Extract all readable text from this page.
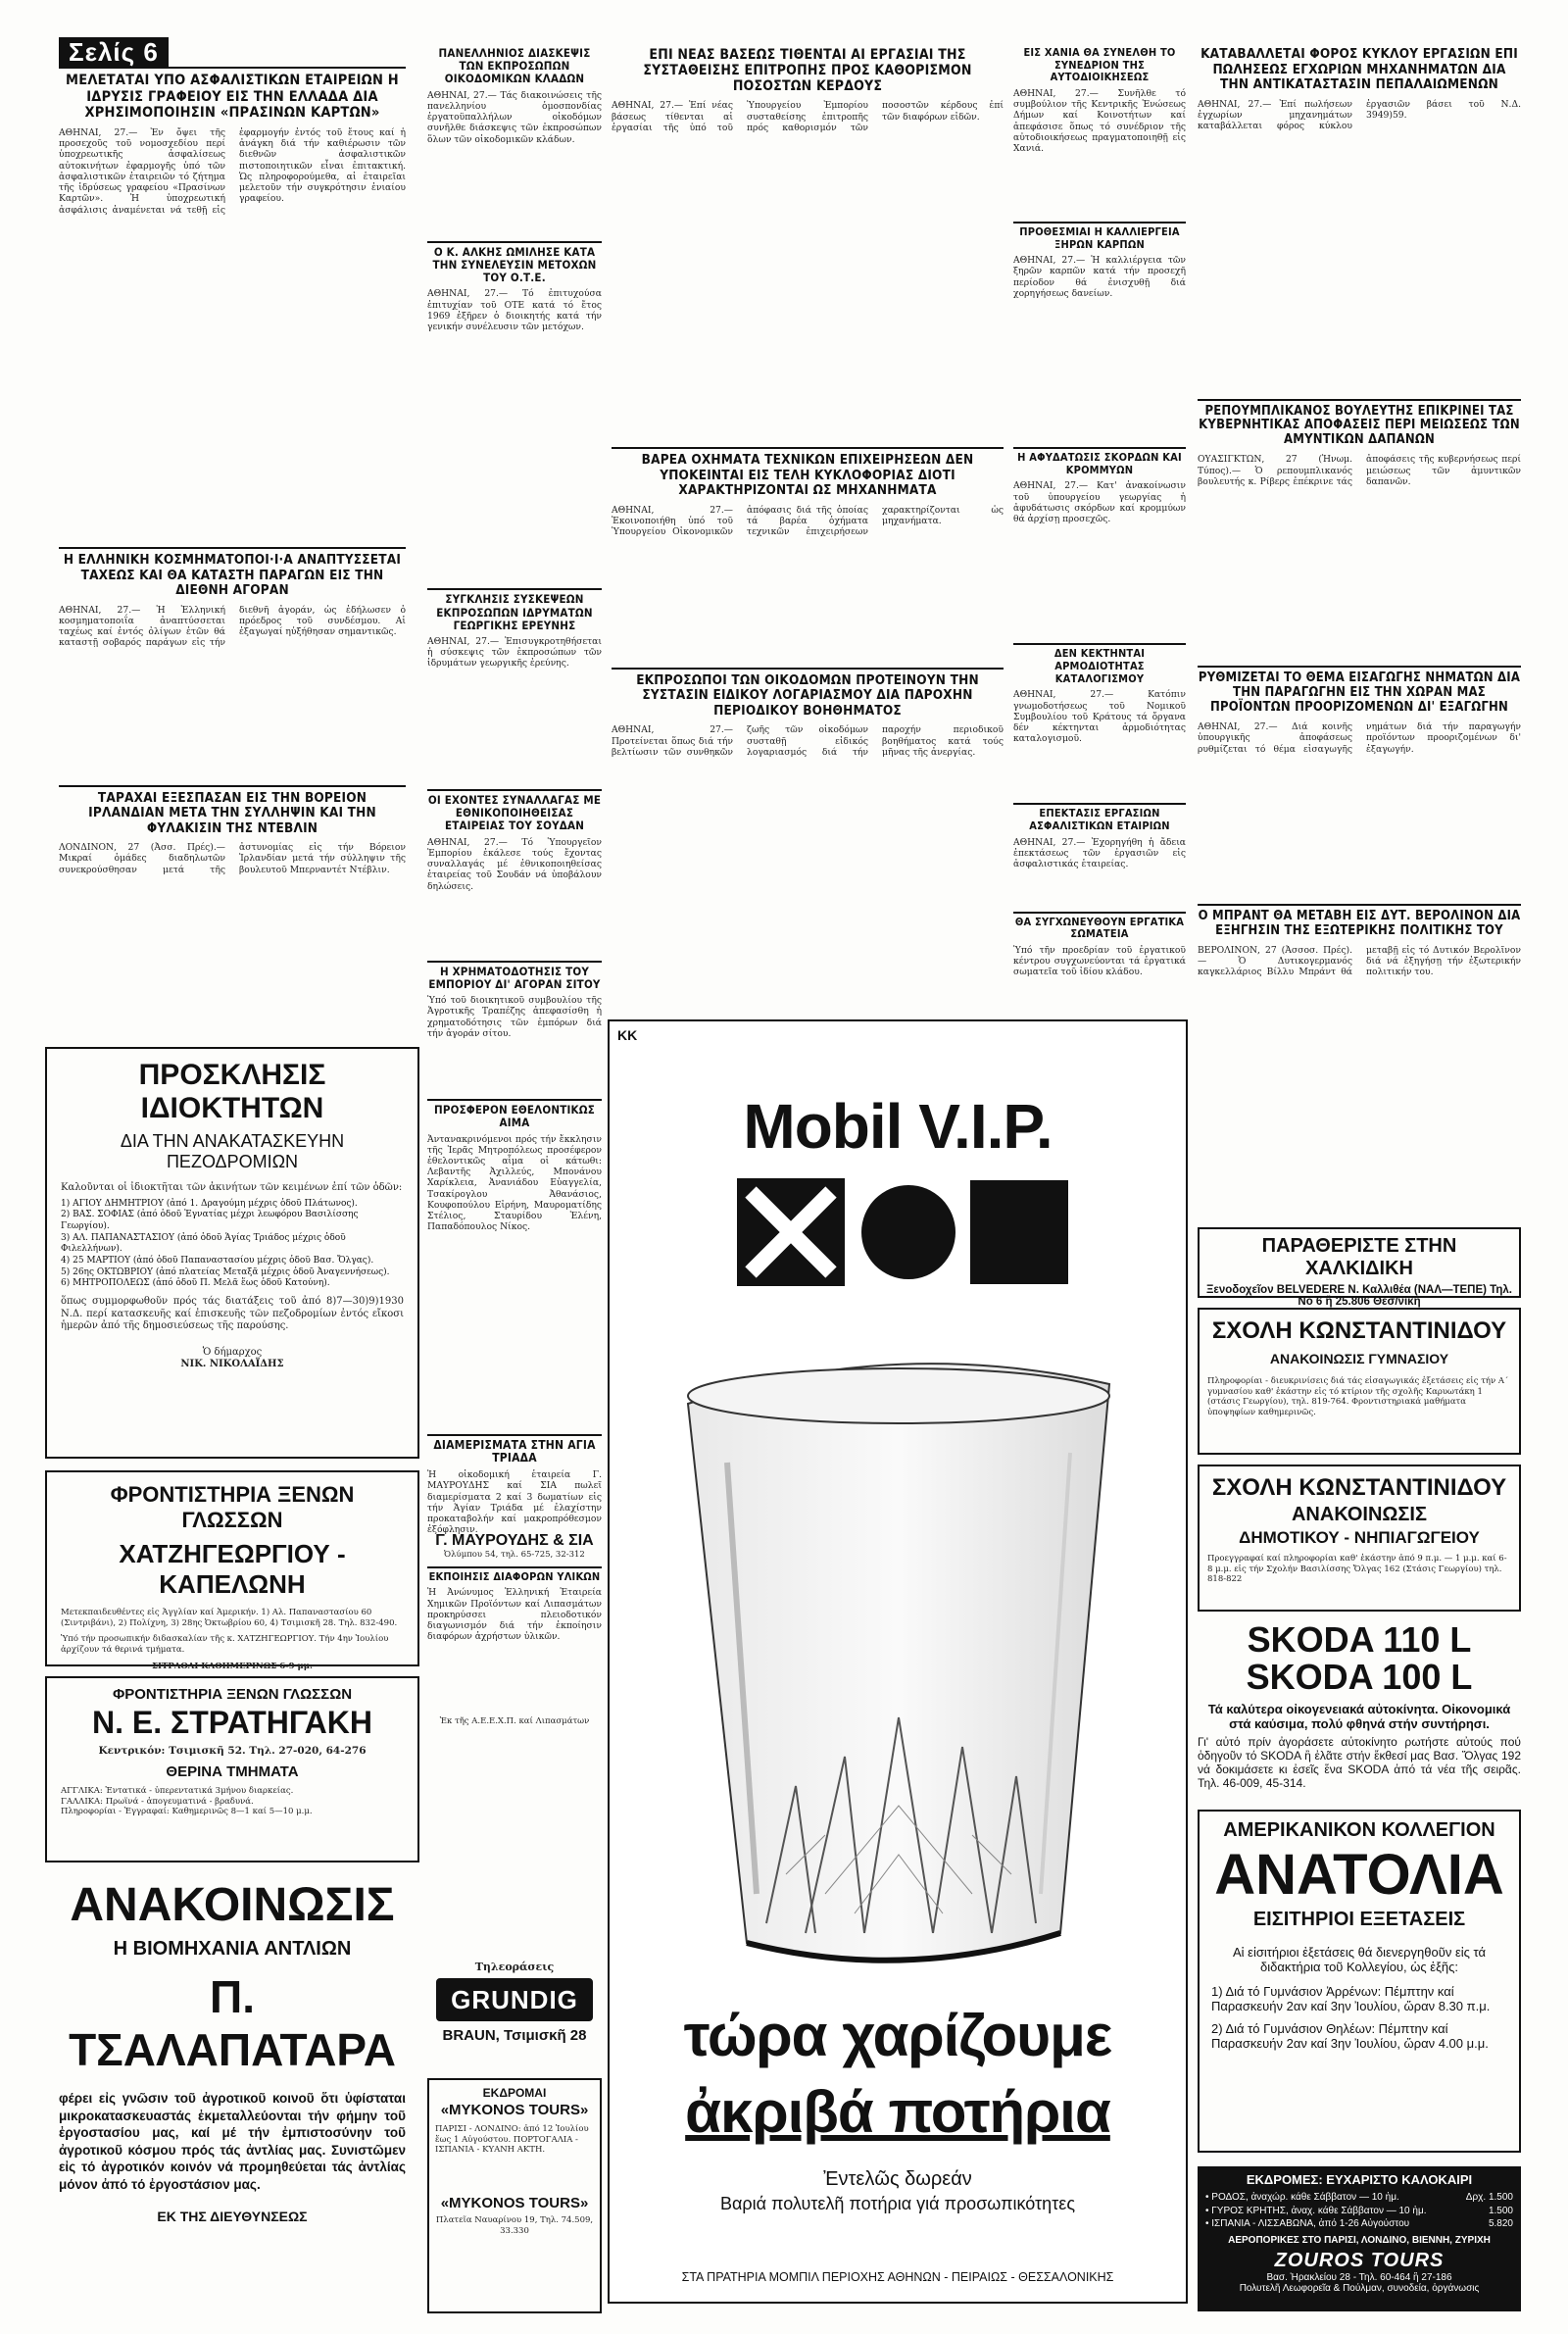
Σελίς 6
ΜΕΛΕΤΑΤΑΙ ΥΠΟ ΑΣΦΑΛΙΣΤΙΚΩΝ ΕΤΑΙΡΕΙΩΝ Η ΙΔΡΥΣΙΣ ΓΡΑΦΕΙΟΥ ΕΙΣ ΤΗΝ ΕΛΛΑΔΑ ΔΙΑ ΧΡΗΣΙΜΟΠΟΙΗΣΙΝ «ΠΡΑΣΙΝΩΝ ΚΑΡΤΩΝ»
ΑΘΗΝΑΙ, 27.— Ἐν ὄψει τῆς προσεχοῦς τοῦ νομοσχεδίου περί ὑποχρεωτικῆς ἀσφαλίσεως αὐτοκινήτων ἐφαρμογῆς ὑπό τῶν ἀσφαλιστικῶν ἑταιρειῶν τό ζήτημα τῆς ἱδρύσεως γραφείου «Πρασίνων Καρτῶν». Ἡ ὑποχρεωτική ἀσφάλισις ἀναμένεται νά τεθῇ εἰς ἐφαρμογήν ἐντός τοῦ ἔτους καί ἡ ἀνάγκη διά τήν καθιέρωσιν τῶν διεθνῶν ἀσφαλιστικῶν πιστοποιητικῶν εἶναι ἐπιτακτική. Ὡς πληροφορούμεθα, αἱ ἑταιρεῖαι μελετοῦν τήν συγκρότησιν ἑνιαίου γραφείου.
Η ΕΛΛΗΝΙΚΗ ΚΟΣΜΗΜΑΤΟΠΟΙ·Ι·Α ΑΝΑΠΤΥΣΣΕΤΑΙ ΤΑΧΕΩΣ ΚΑΙ ΘΑ ΚΑΤΑΣΤΗ ΠΑΡΑΓΩΝ ΕΙΣ ΤΗΝ ΔΙΕΘΝΗ ΑΓΟΡΑΝ
ΑΘΗΝΑΙ, 27.— Ἡ Ἑλληνική κοσμηματοποιΐα ἀναπτύσσεται ταχέως καί ἐντός ὀλίγων ἐτῶν θά καταστῇ σοβαρός παράγων εἰς τήν διεθνῆ ἀγοράν, ὡς ἐδήλωσεν ὁ πρόεδρος τοῦ συνδέσμου. Αἱ ἐξαγωγαί ηὐξήθησαν σημαντικῶς.
ΤΑΡΑΧΑΙ ΕΞΕΣΠΑΣΑΝ ΕΙΣ ΤΗΝ ΒΟΡΕΙΟΝ ΙΡΛΑΝΔΙΑΝ ΜΕΤΑ ΤΗΝ ΣΥΛΛΗΨΙΝ ΚΑΙ ΤΗΝ ΦΥΛΑΚΙΣΙΝ ΤΗΣ ΝΤΕΒΛΙΝ
ΛΟΝΔΙΝΟΝ, 27 (Ἀσσ. Πρές).— Μικραί ὁμάδες διαδηλωτῶν συνεκρούσθησαν μετά τῆς ἀστυνομίας εἰς τήν Βόρειον Ἰρλανδίαν μετά τήν σύλληψιν τῆς βουλευτοῦ Μπερναντέτ Ντέβλιν.
ΠΡΟΣΚΛΗΣΙΣ ΙΔΙΟΚΤΗΤΩΝ
ΔΙΑ ΤΗΝ ΑΝΑΚΑΤΑΣΚΕΥΗΝ ΠΕΖΟΔΡΟΜΙΩΝ
Καλοῦνται οἱ ἰδιοκτῆται τῶν ἀκινήτων τῶν κειμένων ἐπί τῶν ὁδῶν:
1) ΑΓΙΟΥ ΔΗΜΗΤΡΙΟΥ (ἀπό 1. Δραγούμη μέχρις ὁδοῦ Πλάτωνος).
2) ΒΑΣ. ΣΟΦΙΑΣ (ἀπό ὁδοῦ Ἐγνατίας μέχρι λεωφόρου Βασιλίσσης Γεωργίου).
3) ΑΛ. ΠΑΠΑΝΑΣΤΑΣΙΟΥ (ἀπό ὁδοῦ Ἁγίας Τριάδος μέχρις ὁδοῦ Φιλελλήνων).
4) 25 ΜΑΡΤΙΟΥ (ἀπό ὁδοῦ Παπαναστασίου μέχρις ὁδοῦ Βασ. Ὄλγας).
5) 26ης ΟΚΤΩΒΡΙΟΥ (ἀπό πλατείας Μεταξᾶ μέχρις ὁδοῦ Ἀναγεννήσεως).
6) ΜΗΤΡΟΠΟΛΕΩΣ (ἀπό ὁδοῦ Π. Μελᾶ ἕως ὁδοῦ Κατούνη).
ὅπως συμμορφωθοῦν πρός τάς διατάξεις τοῦ ἀπό 8)7—30)9)1930 Ν.Δ. περί κατασκευῆς καί ἐπισκευῆς τῶν πεζοδρομίων ἐντός εἴκοσι ἡμερῶν ἀπό τῆς δημοσιεύσεως τῆς παρούσης.
Ὁ δήμαρχος
ΝΙΚ. ΝΙΚΟΛΑΪΔΗΣ
ΦΡΟΝΤΙΣΤΗΡΙΑ ΞΕΝΩΝ ΓΛΩΣΣΩΝ
ΧΑΤΖΗΓΕΩΡΓΙΟΥ - ΚΑΠΕΛΩΝΗ
Μετεκπαιδευθέντες εἰς Ἀγγλίαν καί Ἀμερικήν. 1) Αλ. Παπαναστασίου 60 (Σιντριβάνι), 2) Πολίχνη, 3) 28ης Ὀκτωβρίου 60, 4) Τσιμισκῆ 28. Τηλ. 832-490.
Ὑπό τήν προσωπικήν διδασκαλίαν τῆς κ. ΧΑΤΖΗΓΕΩΡΓΙΟΥ. Τήν 4ην Ἰουλίου ἀρχίζουν τά θερινά τμήματα.
ΣΙΤΡΑΟΛΙ ΚΑΘΗΜΕΡΙΝΩΣ 6-9 μμ.
ΦΡΟΝΤΙΣΤΗΡΙΑ ΞΕΝΩΝ ΓΛΩΣΣΩΝ
Ν. Ε. ΣΤΡΑΤΗΓΑΚΗ
Κεντρικόν: Τσιμισκῆ 52. Τηλ. 27-020, 64-276
ΘΕΡΙΝΑ ΤΜΗΜΑΤΑ
ΑΓΓΛΙΚΑ: Ἐντατικά - ὑπερεντατικά 3μήνου διαρκείας.
ΓΑΛΛΙΚΑ: Πρωϊνά - ἀπογευματινά - βραδυνά.
Πληροφορίαι - Ἐγγραφαί: Καθημερινῶς 8—1 καί 5—10 μ.μ.
ΑΝΑΚΟΙΝΩΣΙΣ
Η ΒΙΟΜΗΧΑΝΙΑ ΑΝΤΛΙΩΝ
Π. ΤΣΑΛΑΠΑΤΑΡΑ
φέρει εἰς γνῶσιν τοῦ ἀγροτικοῦ κοινοῦ ὅτι ὑφίσταται μικροκατασκευαστάς ἐκμεταλλεύονται τήν φήμην τοῦ ἐργοστασίου μας, καί μέ τήν ἐμπιστοσύνην τοῦ ἀγροτικοῦ κόσμου πρός τάς ἀντλίας μας. Συνιστῶμεν εἰς τό ἀγροτικόν κοινόν νά προμηθεύεται τάς ἀντλίας μόνον ἀπό τό ἐργοστάσιον μας.
ΕΚ ΤΗΣ ΔΙΕΥΘΥΝΣΕΩΣ
ΠΑΝΕΛΛΗΝΙΟΣ ΔΙΑΣΚΕΨΙΣ ΤΩΝ ΕΚΠΡΟΣΩΠΩΝ ΟΙΚΟΔΟΜΙΚΩΝ ΚΛΑΔΩΝ
ΑΘΗΝΑΙ, 27.— Τάς διακοινώσεις τῆς πανελληνίου ὁμοσπονδίας ἐργατοϋπαλλήλων οἰκοδόμων συνῆλθε διάσκεψις τῶν ἐκπροσώπων ὅλων τῶν οἰκοδομικῶν κλάδων.
Ο Κ. ΑΛΚΗΣ ΩΜΙΛΗΣΕ ΚΑΤΑ ΤΗΝ ΣΥΝΕΛΕΥΣΙΝ ΜΕΤΟΧΩΝ ΤΟΥ Ο.Τ.Ε.
ΑΘΗΝΑΙ, 27.— Τό ἐπιτυχούσα ἐπιτυχίαν τοῦ ΟΤΕ κατά τό ἔτος 1969 ἐξῆρεν ὁ διοικητής κατά τήν γενικήν συνέλευσιν τῶν μετόχων.
ΣΥΓΚΛΗΣΙΣ ΣΥΣΚΕΨΕΩΝ ΕΚΠΡΟΣΩΠΩΝ ΙΔΡΥΜΑΤΩΝ ΓΕΩΡΓΙΚΗΣ ΕΡΕΥΝΗΣ
ΑΘΗΝΑΙ, 27.— Ἐπισυγκροτηθήσεται ἡ σύσκεψις τῶν ἐκπροσώπων τῶν ἱδρυμάτων γεωργικῆς ἐρεύνης.
ΟΙ ΕΧΟΝΤΕΣ ΣΥΝΑΛΛΑΓΑΣ ΜΕ ΕΘΝΙΚΟΠΟΙΗΘΕΙΣΑΣ ΕΤΑΙΡΕΙΑΣ ΤΟΥ ΣΟΥΔΑΝ
ΑΘΗΝΑΙ, 27.— Τό Ὑπουργεῖον Ἐμπορίου ἐκάλεσε τούς ἔχοντας συναλλαγάς μέ ἐθνικοποιηθείσας ἑταιρείας τοῦ Σουδάν νά ὑποβάλουν δηλώσεις.
Η ΧΡΗΜΑΤΟΔΟΤΗΣΙΣ ΤΟΥ ΕΜΠΟΡΙΟΥ ΔΙ' ΑΓΟΡΑΝ ΣΙΤΟΥ
Ὑπό τοῦ διοικητικοῦ συμβουλίου τῆς Ἀγροτικῆς Τραπέζης ἀπεφασίσθη ἡ χρηματοδότησις τῶν ἐμπόρων διά τήν ἀγοράν σίτου.
ΠΡΟΣΦΕΡΟΝ ΕΘΕΛΟΝΤΙΚΩΣ ΑΙΜΑ
Ἀντανακρινόμενοι πρός τήν ἔκκλησιν τῆς Ἱερᾶς Μητροπόλεως προσέφερον ἐθελοντικῶς αἷμα οἱ κάτωθι: Λεβαντῆς Ἀχιλλεύς, Μπονάνου Χαρίκλεια, Ἀνανιάδου Εὐαγγελία, Τσακίρογλου Ἀθανάσιος, Κουφοπούλου Εἰρήνη, Μαυροματίδης Στέλιος, Σταυρίδου Ἑλένη, Παπαδόπουλος Νίκος.
ΔΙΑΜΕΡΙΣΜΑΤΑ ΣΤΗΝ ΑΓΙΑ ΤΡΙΑΔΑ
Ἡ οἰκοδομική ἑταιρεία Γ. ΜΑΥΡΟΥΔΗΣ καί ΣΙΑ πωλεῖ διαμερίσματα 2 καί 3 δωματίων εἰς τήν Ἁγίαν Τριάδα μέ ἐλαχίστην προκαταβολήν καί μακροπρόθεσμον ἐξόφλησιν.
Γ. ΜΑΥΡΟΥΔΗΣ & ΣΙΑ
Ὀλύμπου 54, τηλ. 65-725, 32-312
ΕΚΠΟΙΗΣΙΣ ΔΙΑΦΟΡΩΝ ΥΛΙΚΩΝ
Ἡ Ἀνώνυμος Ἑλληνική Ἑταιρεία Χημικῶν Προϊόντων καί Λιπασμάτων προκηρύσσει πλειοδοτικόν διαγωνισμόν διά τήν ἐκποίησιν διαφόρων ἀχρήστων ὑλικῶν.
Ἐκ τῆς Α.Ε.Ε.Χ.Π. καί Λιπασμάτων
Τηλεοράσεις
GRUNDIG
BRAUN, Τσιμισκῆ 28
ΕΚΔΡΟΜΑΙ
«MYKONOS TOURS»
ΠΑΡΙΣΙ - ΛΟΝΔΙΝΟ: ἀπό 12 Ἰουλίου ἕως 1 Αὐγούστου. ΠΟΡΤΟΓΑΛΙΑ - ΙΣΠΑΝΙΑ - ΚΥΑΝΗ ΑΚΤΗ.
«MYKONOS TOURS»
Πλατεῖα Ναυαρίνου 19, Τηλ. 74.509, 33.330
ΕΠΙ ΝΕΑΣ ΒΑΣΕΩΣ ΤΙΘΕΝΤΑΙ ΑΙ ΕΡΓΑΣΙΑΙ ΤΗΣ ΣΥΣΤΑΘΕΙΣΗΣ ΕΠΙΤΡΟΠΗΣ ΠΡΟΣ ΚΑΘΟΡΙΣΜΟΝ ΠΟΣΟΣΤΩΝ ΚΕΡΔΟΥΣ
ΑΘΗΝΑΙ, 27.— Ἐπί νέας βάσεως τίθενται αἱ ἐργασίαι τῆς ὑπό τοῦ Ὑπουργείου Ἐμπορίου συσταθείσης ἐπιτροπῆς πρός καθορισμόν τῶν ποσοστῶν κέρδους ἐπί τῶν διαφόρων εἰδῶν.
ΒΑΡΕΑ ΟΧΗΜΑΤΑ ΤΕΧΝΙΚΩΝ ΕΠΙΧΕΙΡΗΣΕΩΝ ΔΕΝ ΥΠΟΚΕΙΝΤΑΙ ΕΙΣ ΤΕΛΗ ΚΥΚΛΟΦΟΡΙΑΣ ΔΙΟΤΙ ΧΑΡΑΚΤΗΡΙΖΟΝΤΑΙ ΩΣ ΜΗΧΑΝΗΜΑΤΑ
ΑΘΗΝΑΙ, 27.— Ἐκοινοποιήθη ὑπό τοῦ Ὑπουργείου Οἰκονομικῶν ἀπόφασις διά τῆς ὁποίας τά βαρέα ὀχήματα τεχνικῶν ἐπιχειρήσεων χαρακτηρίζονται ὡς μηχανήματα.
ΕΚΠΡΟΣΩΠΟΙ ΤΩΝ ΟΙΚΟΔΟΜΩΝ ΠΡΟΤΕΙΝΟΥΝ ΤΗΝ ΣΥΣΤΑΣΙΝ ΕΙΔΙΚΟΥ ΛΟΓΑΡΙΑΣΜΟΥ ΔΙΑ ΠΑΡΟΧΗΝ ΠΕΡΙΟΔΙΚΟΥ ΒΟΗΘΗΜΑΤΟΣ
ΑΘΗΝΑΙ, 27.— Προτείνεται ὅπως διά τήν βελτίωσιν τῶν συνθηκῶν ζωῆς τῶν οἰκοδόμων συσταθῇ εἰδικός λογαριασμός διά τήν παροχήν περιοδικοῦ βοηθήματος κατά τούς μῆνας τῆς ἀνεργίας.
ΕΙΣ ΧΑΝΙΑ ΘΑ ΣΥΝΕΛΘΗ ΤΟ ΣΥΝΕΔΡΙΟΝ ΤΗΣ ΑΥΤΟΔΙΟΙΚΗΣΕΩΣ
ΑΘΗΝΑΙ, 27.— Συνῆλθε τό συμβούλιον τῆς Κεντρικῆς Ἑνώσεως Δήμων καί Κοινοτήτων καί ἀπεφάσισε ὅπως τό συνέδριον τῆς αὐτοδιοικήσεως πραγματοποιηθῇ εἰς Χανιά.
ΠΡΟΘΕΣΜΙΑΙ Η ΚΑΛΛΙΕΡΓΕΙΑ ΞΗΡΩΝ ΚΑΡΠΩΝ
ΑΘΗΝΑΙ, 27.— Ἡ καλλιέργεια τῶν ξηρῶν καρπῶν κατά τήν προσεχῆ περίοδον θά ἐνισχυθῇ διά χορηγήσεως δανείων.
Η ΑΦΥΔΑΤΩΣΙΣ ΣΚΟΡΔΩΝ ΚΑΙ ΚΡΟΜΜΥΩΝ
ΑΘΗΝΑΙ, 27.— Κατ' ἀνακοίνωσιν τοῦ ὑπουργείου γεωργίας ἡ ἀφυδάτωσις σκόρδων καί κρομμύων θά ἀρχίσῃ προσεχῶς.
ΔΕΝ ΚΕΚΤΗΝΤΑΙ ΑΡΜΟΔΙΟΤΗΤΑΣ ΚΑΤΑΛΟΓΙΣΜΟΥ
ΑΘΗΝΑΙ, 27.— Κατόπιν γνωμοδοτήσεως τοῦ Νομικοῦ Συμβουλίου τοῦ Κράτους τά ὄργανα δέν κέκτηνται ἁρμοδιότητας καταλογισμοῦ.
ΕΠΕΚΤΑΣΙΣ ΕΡΓΑΣΙΩΝ ΑΣΦΑΛΙΣΤΙΚΩΝ ΕΤΑΙΡΙΩΝ
ΑΘΗΝΑΙ, 27.— Ἐχορηγήθη ἡ ἄδεια ἐπεκτάσεως τῶν ἐργασιῶν εἰς ἀσφαλιστικάς ἑταιρείας.
ΘΑ ΣΥΓΧΩΝΕΥΘΟΥΝ ΕΡΓΑΤΙΚΑ ΣΩΜΑΤΕΙΑ
Ὑπό τῆν προεδρίαν τοῦ ἐργατικοῦ κέντρου συγχωνεύονται τά ἐργατικά σωματεῖα τοῦ ἰδίου κλάδου.
ΚΑΤΑΒΑΛΛΕΤΑΙ ΦΟΡΟΣ ΚΥΚΛΟΥ ΕΡΓΑΣΙΩΝ ΕΠΙ ΠΩΛΗΣΕΩΣ ΕΓΧΩΡΙΩΝ ΜΗΧΑΝΗΜΑΤΩΝ ΔΙΑ ΤΗΝ ΑΝΤΙΚΑΤΑΣΤΑΣΙΝ ΠΕΠΑΛΑΙΩΜΕΝΩΝ
ΑΘΗΝΑΙ, 27.— Ἐπί πωλήσεων ἐγχωρίων μηχανημάτων καταβάλλεται φόρος κύκλου ἐργασιῶν βάσει τοῦ Ν.Δ. 3949)59.
ΡΕΠΟΥΜΠΛΙΚΑΝΟΣ ΒΟΥΛΕΥΤΗΣ ΕΠΙΚΡΙΝΕΙ ΤΑΣ ΚΥΒΕΡΝΗΤΙΚΑΣ ΑΠΟΦΑΣΕΙΣ ΠΕΡΙ ΜΕΙΩΣΕΩΣ ΤΩΝ ΑΜΥΝΤΙΚΩΝ ΔΑΠΑΝΩΝ
ΟΥΑΣΙΓΚΤΩΝ, 27 (Ἡνωμ. Τύπος).— Ὁ ρεπουμπλικανός βουλευτής κ. Ρίβερς ἐπέκρινε τάς ἀποφάσεις τῆς κυβερνήσεως περί μειώσεως τῶν ἀμυντικῶν δαπανῶν.
ΡΥΘΜΙΖΕΤΑΙ ΤΟ ΘΕΜΑ ΕΙΣΑΓΩΓΗΣ ΝΗΜΑΤΩΝ ΔΙΑ ΤΗΝ ΠΑΡΑΓΩΓΗΝ ΕΙΣ ΤΗΝ ΧΩΡΑΝ ΜΑΣ ΠΡΟΪΟΝΤΩΝ ΠΡΟΟΡΙΖΟΜΕΝΩΝ ΔΙ' ΕΞΑΓΩΓΗΝ
ΑΘΗΝΑΙ, 27.— Διά κοινῆς ὑπουργικῆς ἀποφάσεως ρυθμίζεται τό θέμα εἰσαγωγῆς νημάτων διά τήν παραγωγήν προϊόντων προοριζομένων δι' ἐξαγωγήν.
Ο ΜΠΡΑΝΤ ΘΑ ΜΕΤΑΒΗ ΕΙΣ ΔΥΤ. ΒΕΡΟΛΙΝΟΝ ΔΙΑ ΕΞΗΓΗΣΙΝ ΤΗΣ ΕΞΩΤΕΡΙΚΗΣ ΠΟΛΙΤΙΚΗΣ ΤΟΥ
ΒΕΡΟΛΙΝΟΝ, 27 (Ἀσσοσ. Πρές).— Ὁ Δυτικογερμανός καγκελλάριος Βίλλυ Μπράντ θά μεταβῇ εἰς τό Δυτικόν Βερολῖνον διά νά ἐξηγήσῃ τήν ἐξωτερικήν πολιτικήν του.
ΠΑΡΑΘΕΡΙΣΤΕ ΣΤΗΝ ΧΑΛΚΙΔΙΚΗ
Ξενοδοχεῖον BELVEDERE Ν. Καλλιθέα (ΝΑΛ—ΤΕΠΕ) Τηλ. Νο 6 ἢ 25.806 Θεσ/νίκη
ΣΧΟΛΗ ΚΩΝΣΤΑΝΤΙΝΙΔΟΥ
ΑΝΑΚΟΙΝΩΣΙΣ ΓΥΜΝΑΣΙΟΥ
Πληροφορίαι - διευκρινίσεις διά τάς εἰσαγωγικάς ἐξετάσεις εἰς τήν Α΄ γυμνασίου καθ' ἑκάστην εἰς τό κτίριον τῆς σχολῆς Καρυωτάκη 1 (στάσις Γεωργίου), τηλ. 819-764. Φροντιστηριακά μαθήματα ὑποψηφίων καθημερινῶς.
ΣΧΟΛΗ ΚΩΝΣΤΑΝΤΙΝΙΔΟΥ
ΑΝΑΚΟΙΝΩΣΙΣ
ΔΗΜΟΤΙΚΟΥ - ΝΗΠΙΑΓΩΓΕΙΟΥ
Προεγγραφαί καί πληροφορίαι καθ' ἑκάστην ἀπό 9 π.μ. — 1 μ.μ. καί 6-8 μ.μ. εἰς τήν Σχολήν Βασιλίσσης Ὄλγας 162 (Στάσις Γεωργίου) τηλ. 818-822
SKODA 110 L
SKODA 100 L
Τά καλύτερα οἰκογενειακά αὐτοκίνητα. Οἰκονομικά στά καύσιμα, πολύ φθηνά στήν συντήρησι.
Γι' αὐτό πρίν ἀγοράσετε αὐτοκίνητο ρωτήστε αὐτούς πού ὁδηγοῦν τό SKODA ἢ ἐλᾶτε στήν ἔκθεσί μας Βασ. Ὄλγας 192 νά δοκιμάσετε κι ἐσεῖς ἕνα SKODA ἀπό τά νέα τῆς σειρᾶς. Τηλ. 46-009, 45-314.
ΑΜΕΡΙΚΑΝΙΚΟΝ ΚΟΛΛΕΓΙΟΝ
ΑΝΑΤΟΛΙΑ
ΕΙΣΙΤΗΡΙΟΙ ΕΞΕΤΑΣΕΙΣ
Αἱ εἰσιτήριοι ἐξετάσεις θά διενεργηθοῦν εἰς τά διδακτήρια τοῦ Κολλεγίου, ὡς ἑξῆς:
1) Διά τό Γυμνάσιον Ἀρρένων: Πέμπτην καί Παρασκευήν 2αν καί 3ην Ἰουλίου, ὥραν 8.30 π.μ.
2) Διά τό Γυμνάσιον Θηλέων: Πέμπτην καί Παρασκευήν 2αν καί 3ην Ἰουλίου, ὥραν 4.00 μ.μ.
ΕΚΔΡΟΜΕΣ: ΕΥΧΑΡΙΣΤΟ ΚΑΛΟΚΑΙΡΙ
• ΡΟΔΟΣ, ἀναχώρ. κάθε Σάββατον — 10 ἡμ.	Δρχ. 1.500
• ΓΥΡΟΣ ΚΡΗΤΗΣ, ἀναχ. κάθε Σάββατον — 10 ἡμ.	1.500
• ΙΣΠΑΝΙΑ - ΛΙΣΣΑΒΩΝΑ, ἀπό 1-26 Αὐγούστου	5.820
ΑΕΡΟΠΟΡΙΚΕΣ ΣΤΟ ΠΑΡΙΣΙ, ΛΟΝΔΙΝΟ, ΒΙΕΝΝΗ, ΖΥΡΙΧΗ
ZOUROS TOURS
Βασ. Ἡρακλείου 28 - Τηλ. 60-464 ἢ 27-186
Πολυτελῆ Λεωφορεῖα & Πούλμαν, συνοδεία, ὀργάνωσις
KK
Mobil V.I.P.
τώρα χαρίζουμε
ἀκριβά ποτήρια
Ἐντελῶς δωρεάν
Βαριά πολυτελῆ ποτήρια γιά προσωπικότητες
ΣΤΑ ΠΡΑΤΗΡΙΑ ΜΟΜΠΙΛ ΠΕΡΙΟΧΗΣ ΑΘΗΝΩΝ - ΠΕΙΡΑΙΩΣ - ΘΕΣΣΑΛΟΝΙΚΗΣ
